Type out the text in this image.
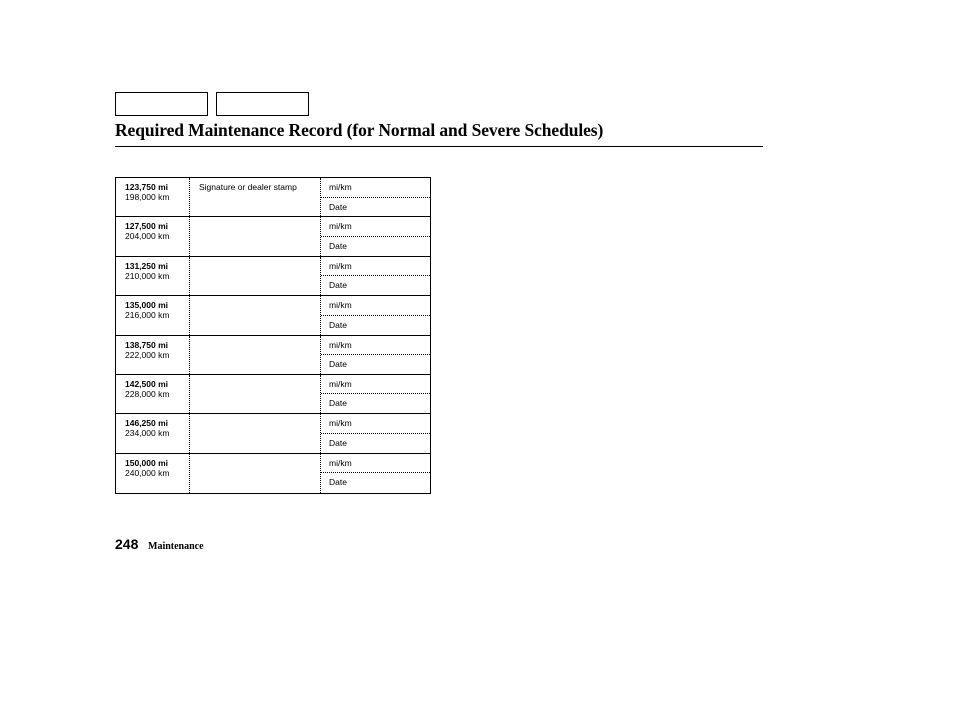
Required Maintenance Record (for Normal and Severe Schedules)
123,750 mi
198,000 km
Signature or dealer stamp	mi/km
Date
127,500 mi
204,000 km
mi/km
Date
131,250 mi
210,000 km
mi/km
Date
135,000 mi
216,000 km
mi/km
Date
138,750 mi
222,000 km
mi/km
Date
142,500 mi
228,000 km
mi/km
Date
146,250 mi
234,000 km
mi/km
Date
150,000 mi
240,000 km
mi/km
Date
248 Maintenance
